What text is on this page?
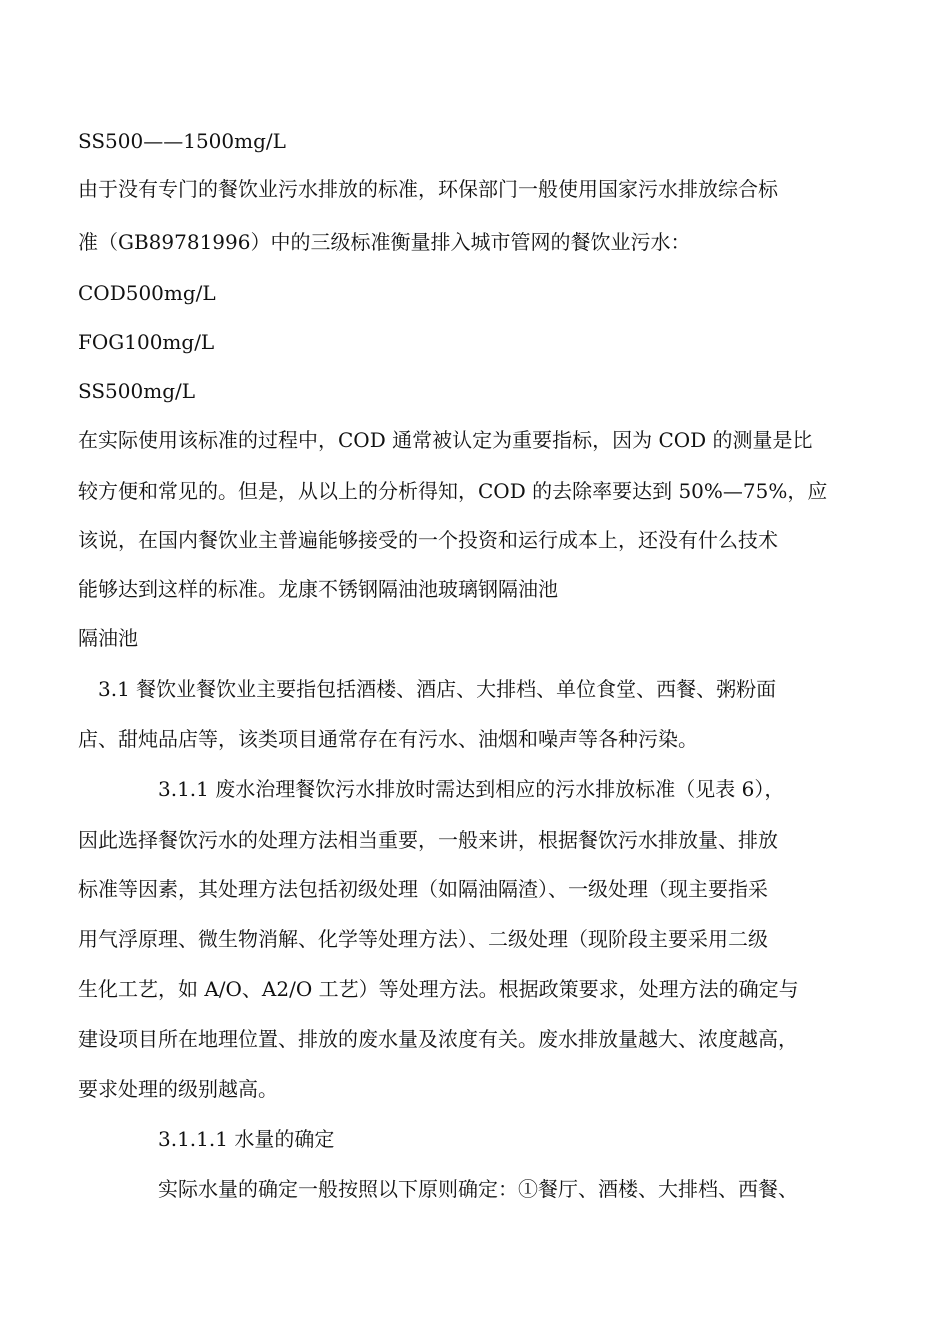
SS500——1500mg/L
由于没有专门的餐饮业污水排放的标准，环保部门一般使用国家污水排放综合标
准（GB89781996）中的三级标准衡量排入城市管网的餐饮业污水：
COD500mg/L
FOG100mg/L
SS500mg/L
在实际使用该标准的过程中，COD 通常被认定为重要指标，因为 COD 的测量是比
较方便和常见的。但是，从以上的分析得知，COD 的去除率要达到 50%—75%，应
该说，在国内餐饮业主普遍能够接受的一个投资和运行成本上，还没有什么技术
能够达到这样的标准。龙康不锈钢隔油池玻璃钢隔油池
隔油池
3.1 餐饮业餐饮业主要指包括酒楼、酒店、大排档、单位食堂、西餐、粥粉面
店、甜炖品店等，该类项目通常存在有污水、油烟和噪声等各种污染。
3.1.1 废水治理餐饮污水排放时需达到相应的污水排放标准（见表 6），
因此选择餐饮污水的处理方法相当重要，一般来讲，根据餐饮污水排放量、排放
标准等因素，其处理方法包括初级处理（如隔油隔渣）、一级处理（现主要指采
用气浮原理、微生物消解、化学等处理方法）、二级处理（现阶段主要采用二级
生化工艺，如 A/O、A2/O 工艺）等处理方法。根据政策要求，处理方法的确定与
建设项目所在地理位置、排放的废水量及浓度有关。废水排放量越大、浓度越高，
要求处理的级别越高。
3.1.1.1 水量的确定
实际水量的确定一般按照以下原则确定：①餐厅、酒楼、大排档、西餐、
